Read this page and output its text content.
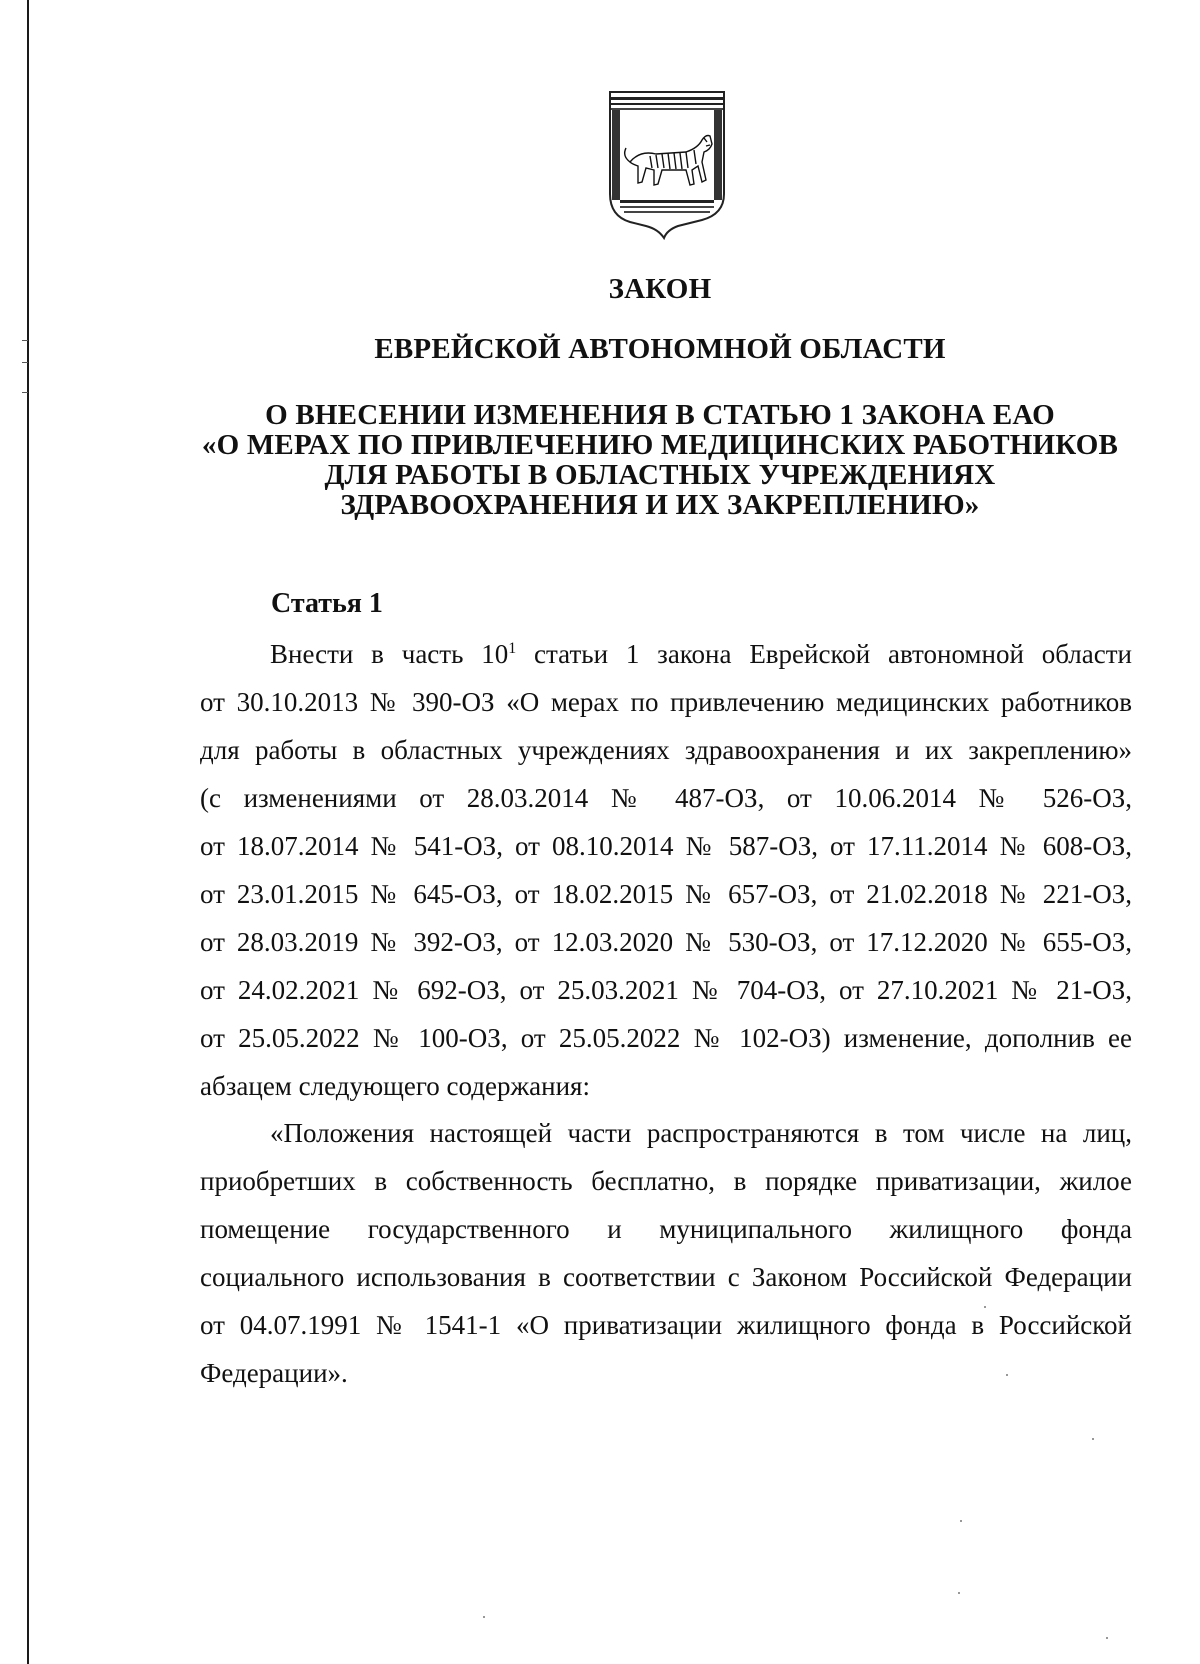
ЗАКОН
ЕВРЕЙСКОЙ АВТОНОМНОЙ ОБЛАСТИ
О ВНЕСЕНИИ ИЗМЕНЕНИЯ В СТАТЬЮ 1 ЗАКОНА ЕАО
«О МЕРАХ ПО ПРИВЛЕЧЕНИЮ МЕДИЦИНСКИХ РАБОТНИКОВ
ДЛЯ РАБОТЫ В ОБЛАСТНЫХ УЧРЕЖДЕНИЯХ
ЗДРАВООХРАНЕНИЯ И ИХ ЗАКРЕПЛЕНИЮ»
Статья 1
Внести в часть $10^1$ статьи 1 закона Еврейской автономной области
от 30.10.2013 № 390-ОЗ «О мерах по привлечению медицинских работников
для работы в областных учреждениях здравоохранения и их закреплению»
(с изменениями от 28.03.2014 № 487-ОЗ, от 10.06.2014 № 526-ОЗ,
от 18.07.2014 № 541-ОЗ, от 08.10.2014 № 587-ОЗ, от 17.11.2014 № 608-ОЗ,
от 23.01.2015 № 645-ОЗ, от 18.02.2015 № 657-ОЗ, от 21.02.2018 № 221-ОЗ,
от 28.03.2019 № 392-ОЗ, от 12.03.2020 № 530-ОЗ, от 17.12.2020 № 655-ОЗ,
от 24.02.2021 № 692-ОЗ, от 25.03.2021 № 704-ОЗ, от 27.10.2021 № 21-ОЗ,
от 25.05.2022 № 100-ОЗ, от 25.05.2022 № 102-ОЗ) изменение, дополнив ее
абзацем следующего содержания:
«Положения настоящей части распространяются в том числе на лиц,
приобретших в собственность бесплатно, в порядке приватизации, жилое
помещение государственного и муниципального жилищного фонда
социального использования в соответствии с Законом Российской Федерации
от 04.07.1991 № 1541-1 «О приватизации жилищного фонда в Российской
Федерации».
